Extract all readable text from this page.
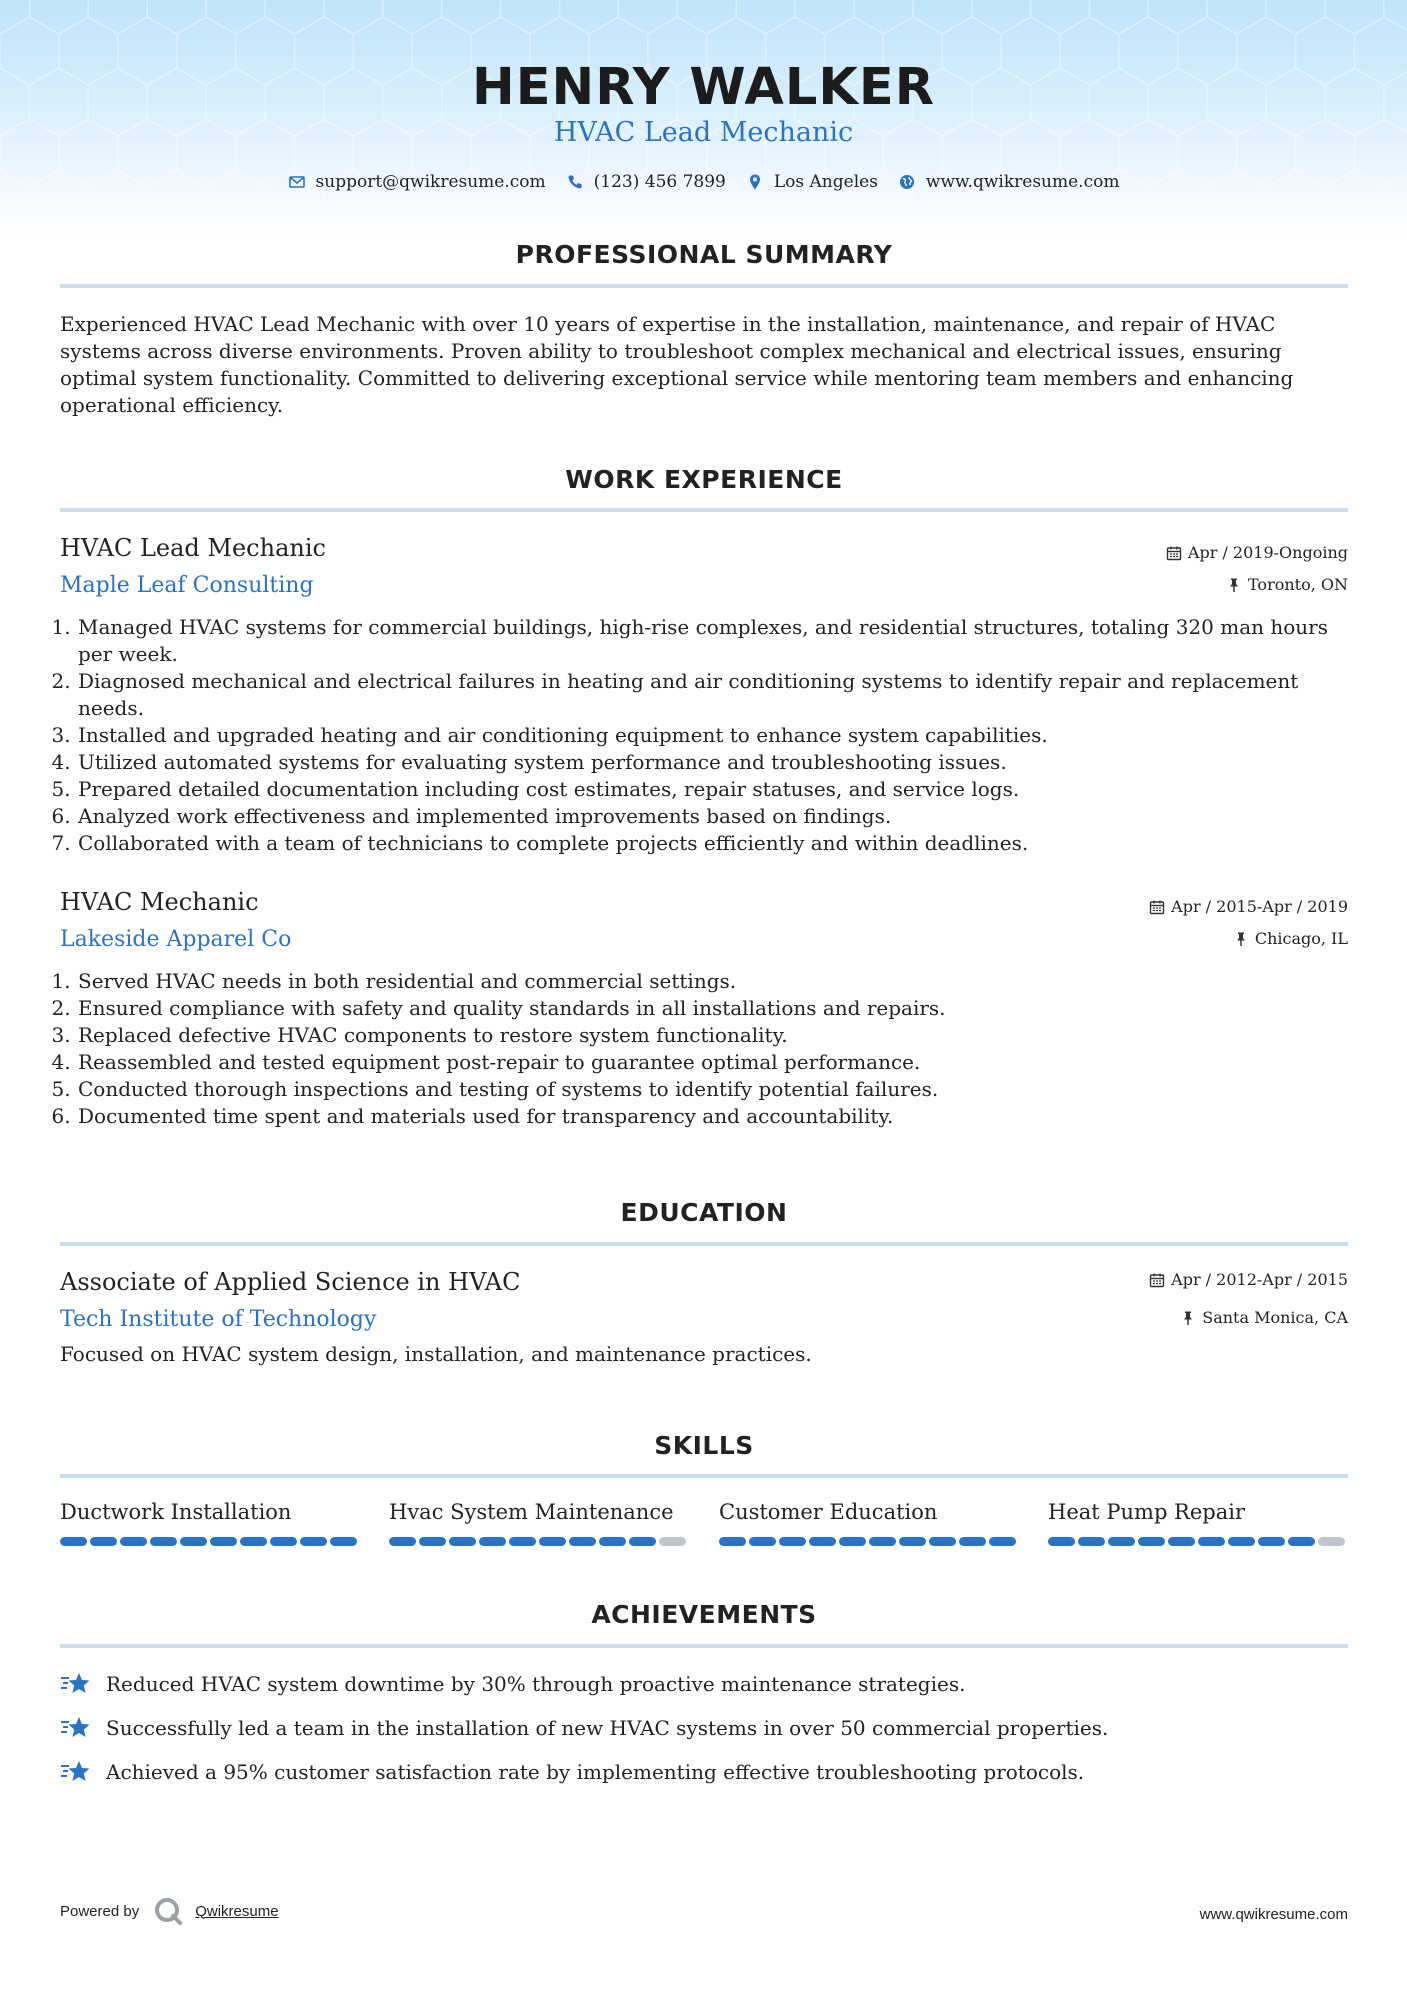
HENRY WALKER
HVAC Lead Mechanic
support@qwikresume.com	(123) 456 7899	Los Angeles	www.qwikresume.com
PROFESSIONAL SUMMARY
Experienced HVAC Lead Mechanic with over 10 years of expertise in the installation, maintenance, and repair of HVAC systems across diverse environments. Proven ability to troubleshoot complex mechanical and electrical issues, ensuring optimal system functionality. Committed to delivering exceptional service while mentoring team members and enhancing operational efficiency.
WORK EXPERIENCE
HVAC Lead Mechanic
Maple Leaf Consulting
Apr / 2019-Ongoing
Toronto, ON
1. Managed HVAC systems for commercial buildings, high-rise complexes, and residential structures, totaling 320 man hours per week.
2. Diagnosed mechanical and electrical failures in heating and air conditioning systems to identify repair and replacement needs.
3. Installed and upgraded heating and air conditioning equipment to enhance system capabilities.
4. Utilized automated systems for evaluating system performance and troubleshooting issues.
5. Prepared detailed documentation including cost estimates, repair statuses, and service logs.
6. Analyzed work effectiveness and implemented improvements based on findings.
7. Collaborated with a team of technicians to complete projects efficiently and within deadlines.
HVAC Mechanic
Lakeside Apparel Co
Apr / 2015-Apr / 2019
Chicago, IL
1. Served HVAC needs in both residential and commercial settings.
2. Ensured compliance with safety and quality standards in all installations and repairs.
3. Replaced defective HVAC components to restore system functionality.
4. Reassembled and tested equipment post-repair to guarantee optimal performance.
5. Conducted thorough inspections and testing of systems to identify potential failures.
6. Documented time spent and materials used for transparency and accountability.
EDUCATION
Associate of Applied Science in HVAC
Tech Institute of Technology
Apr / 2012-Apr / 2015
Santa Monica, CA
Focused on HVAC system design, installation, and maintenance practices.
SKILLS
Ductwork Installation	Hvac System Maintenance	Customer Education	Heat Pump Repair
ACHIEVEMENTS
Reduced HVAC system downtime by 30% through proactive maintenance strategies.
Successfully led a team in the installation of new HVAC systems in over 50 commercial properties.
Achieved a 95% customer satisfaction rate by implementing effective troubleshooting protocols.
Powered by	Qwikresume	www.qwikresume.com
